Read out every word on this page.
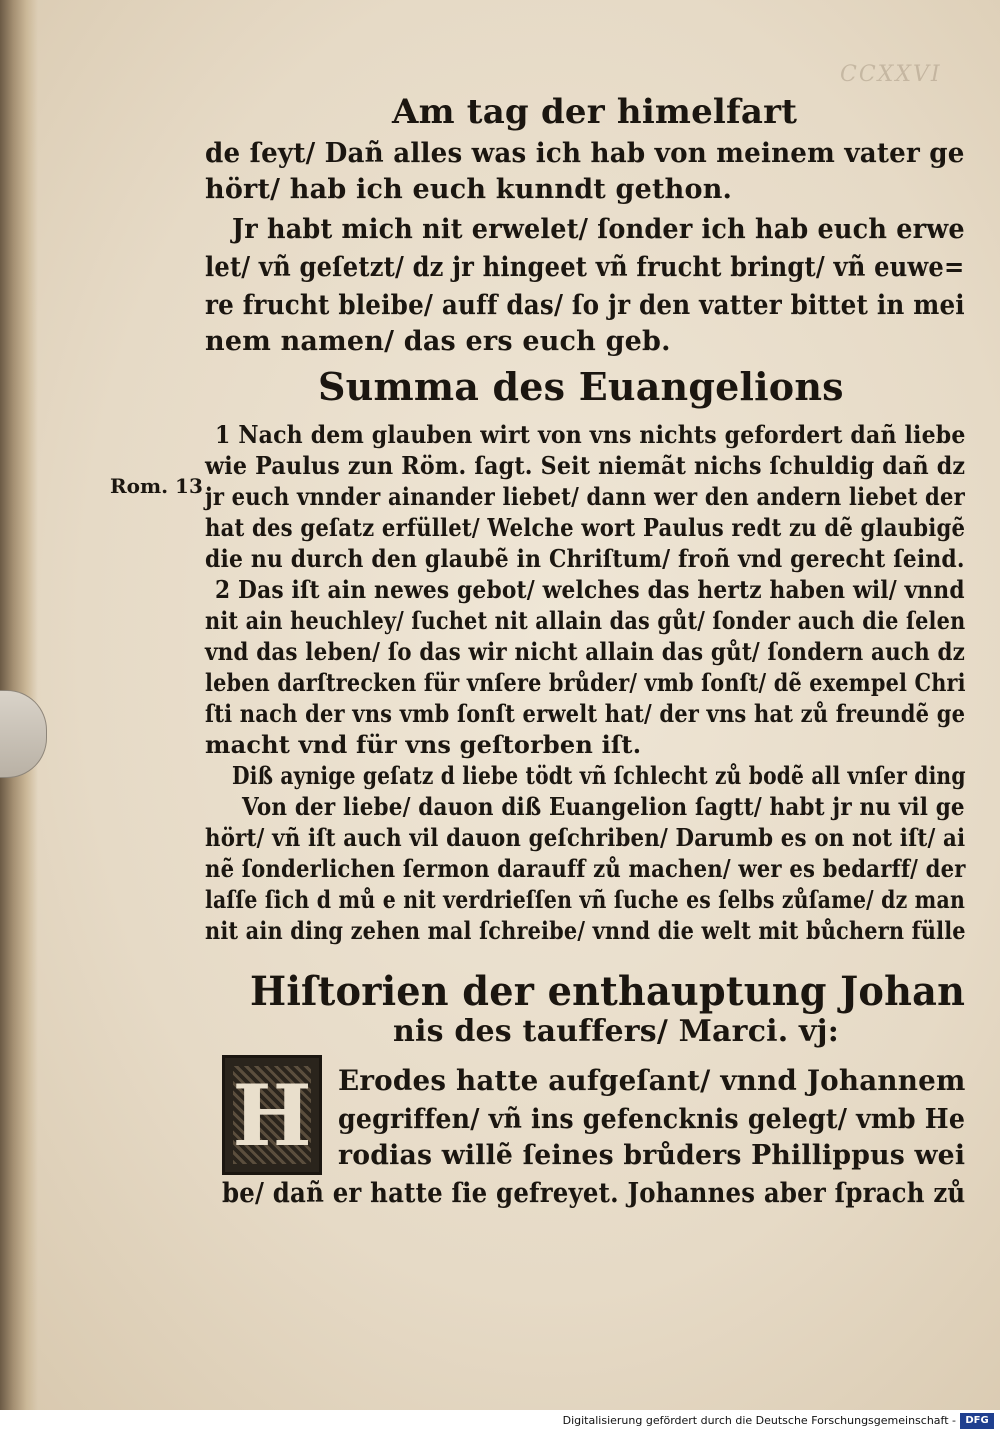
CCXXVI
Am tag der himelfart
de ſeyt/ Dañ alles was ich hab von meinem vater ge
hört/ hab ich euch kunndt gethon.
Jr habt mich nit erwelet/ ſonder ich hab euch erwe
let/ vñ geſetzt/ dz jr hingeet vñ frucht bringt/ vñ euwe=
re frucht bleibe/ auff das/ ſo jr den vatter bittet in mei
nem namen/ das ers euch geb.
Summa des Euangelions
Rom. 13
1 Nach dem glauben wirt von vns nichts gefordert dañ liebe
wie Paulus zun Röm. ſagt. Seit niemãt nichs ſchuldig dañ dz
jr euch vnnder ainander liebet/ dann wer den andern liebet der
hat des geſatz erfüllet/ Welche wort Paulus redt zu dẽ glaubigẽ
die nu durch den glaubẽ in Chriſtum/ froñ vnd gerecht ſeind.
2 Das iſt ain newes gebot/ welches das hertz haben wil/ vnnd
nit ain heuchley/ ſuchet nit allain das gůt/ ſonder auch die ſelen
vnd das leben/ ſo das wir nicht allain das gůt/ ſondern auch dz
leben darſtrecken für vnſere brůder/ vmb ſonſt/ dẽ exempel Chri
ſti nach der vns vmb ſonſt erwelt hat/ der vns hat zů freundẽ ge
macht vnd für vns geſtorben iſt.
Diß aynige geſatz d liebe tödt vñ ſchlecht zů bodẽ all vnſer ding
Von der liebe/ dauon diß Euangelion ſagtt/ habt jr nu vil ge
hört/ vñ iſt auch vil dauon geſchriben/ Darumb es on not iſt/ ai
nẽ ſonderlichen ſermon darauff zů machen/ wer es bedarff/ der
laſſe ſich d mů e nit verdrieſſen vñ ſuche es ſelbs zůſame/ dz man
nit ain ding zehen mal ſchreibe/ vnnd die welt mit bůchern fülle
Hiſtorien der enthauptung Johan
nis des tauffers/ Marci. vj:
H Erodes hatte aufgeſant/ vnnd Johannem
gegriffen/ vñ ins gefencknis gelegt/ vmb He
rodias willẽ ſeines brůders Phillippus wei
be/ dañ er hatte ſie gefreyet. Johannes aber ſprach zů
Digitalisierung gefördert durch die Deutsche Forschungsgemeinschaft - DFG
